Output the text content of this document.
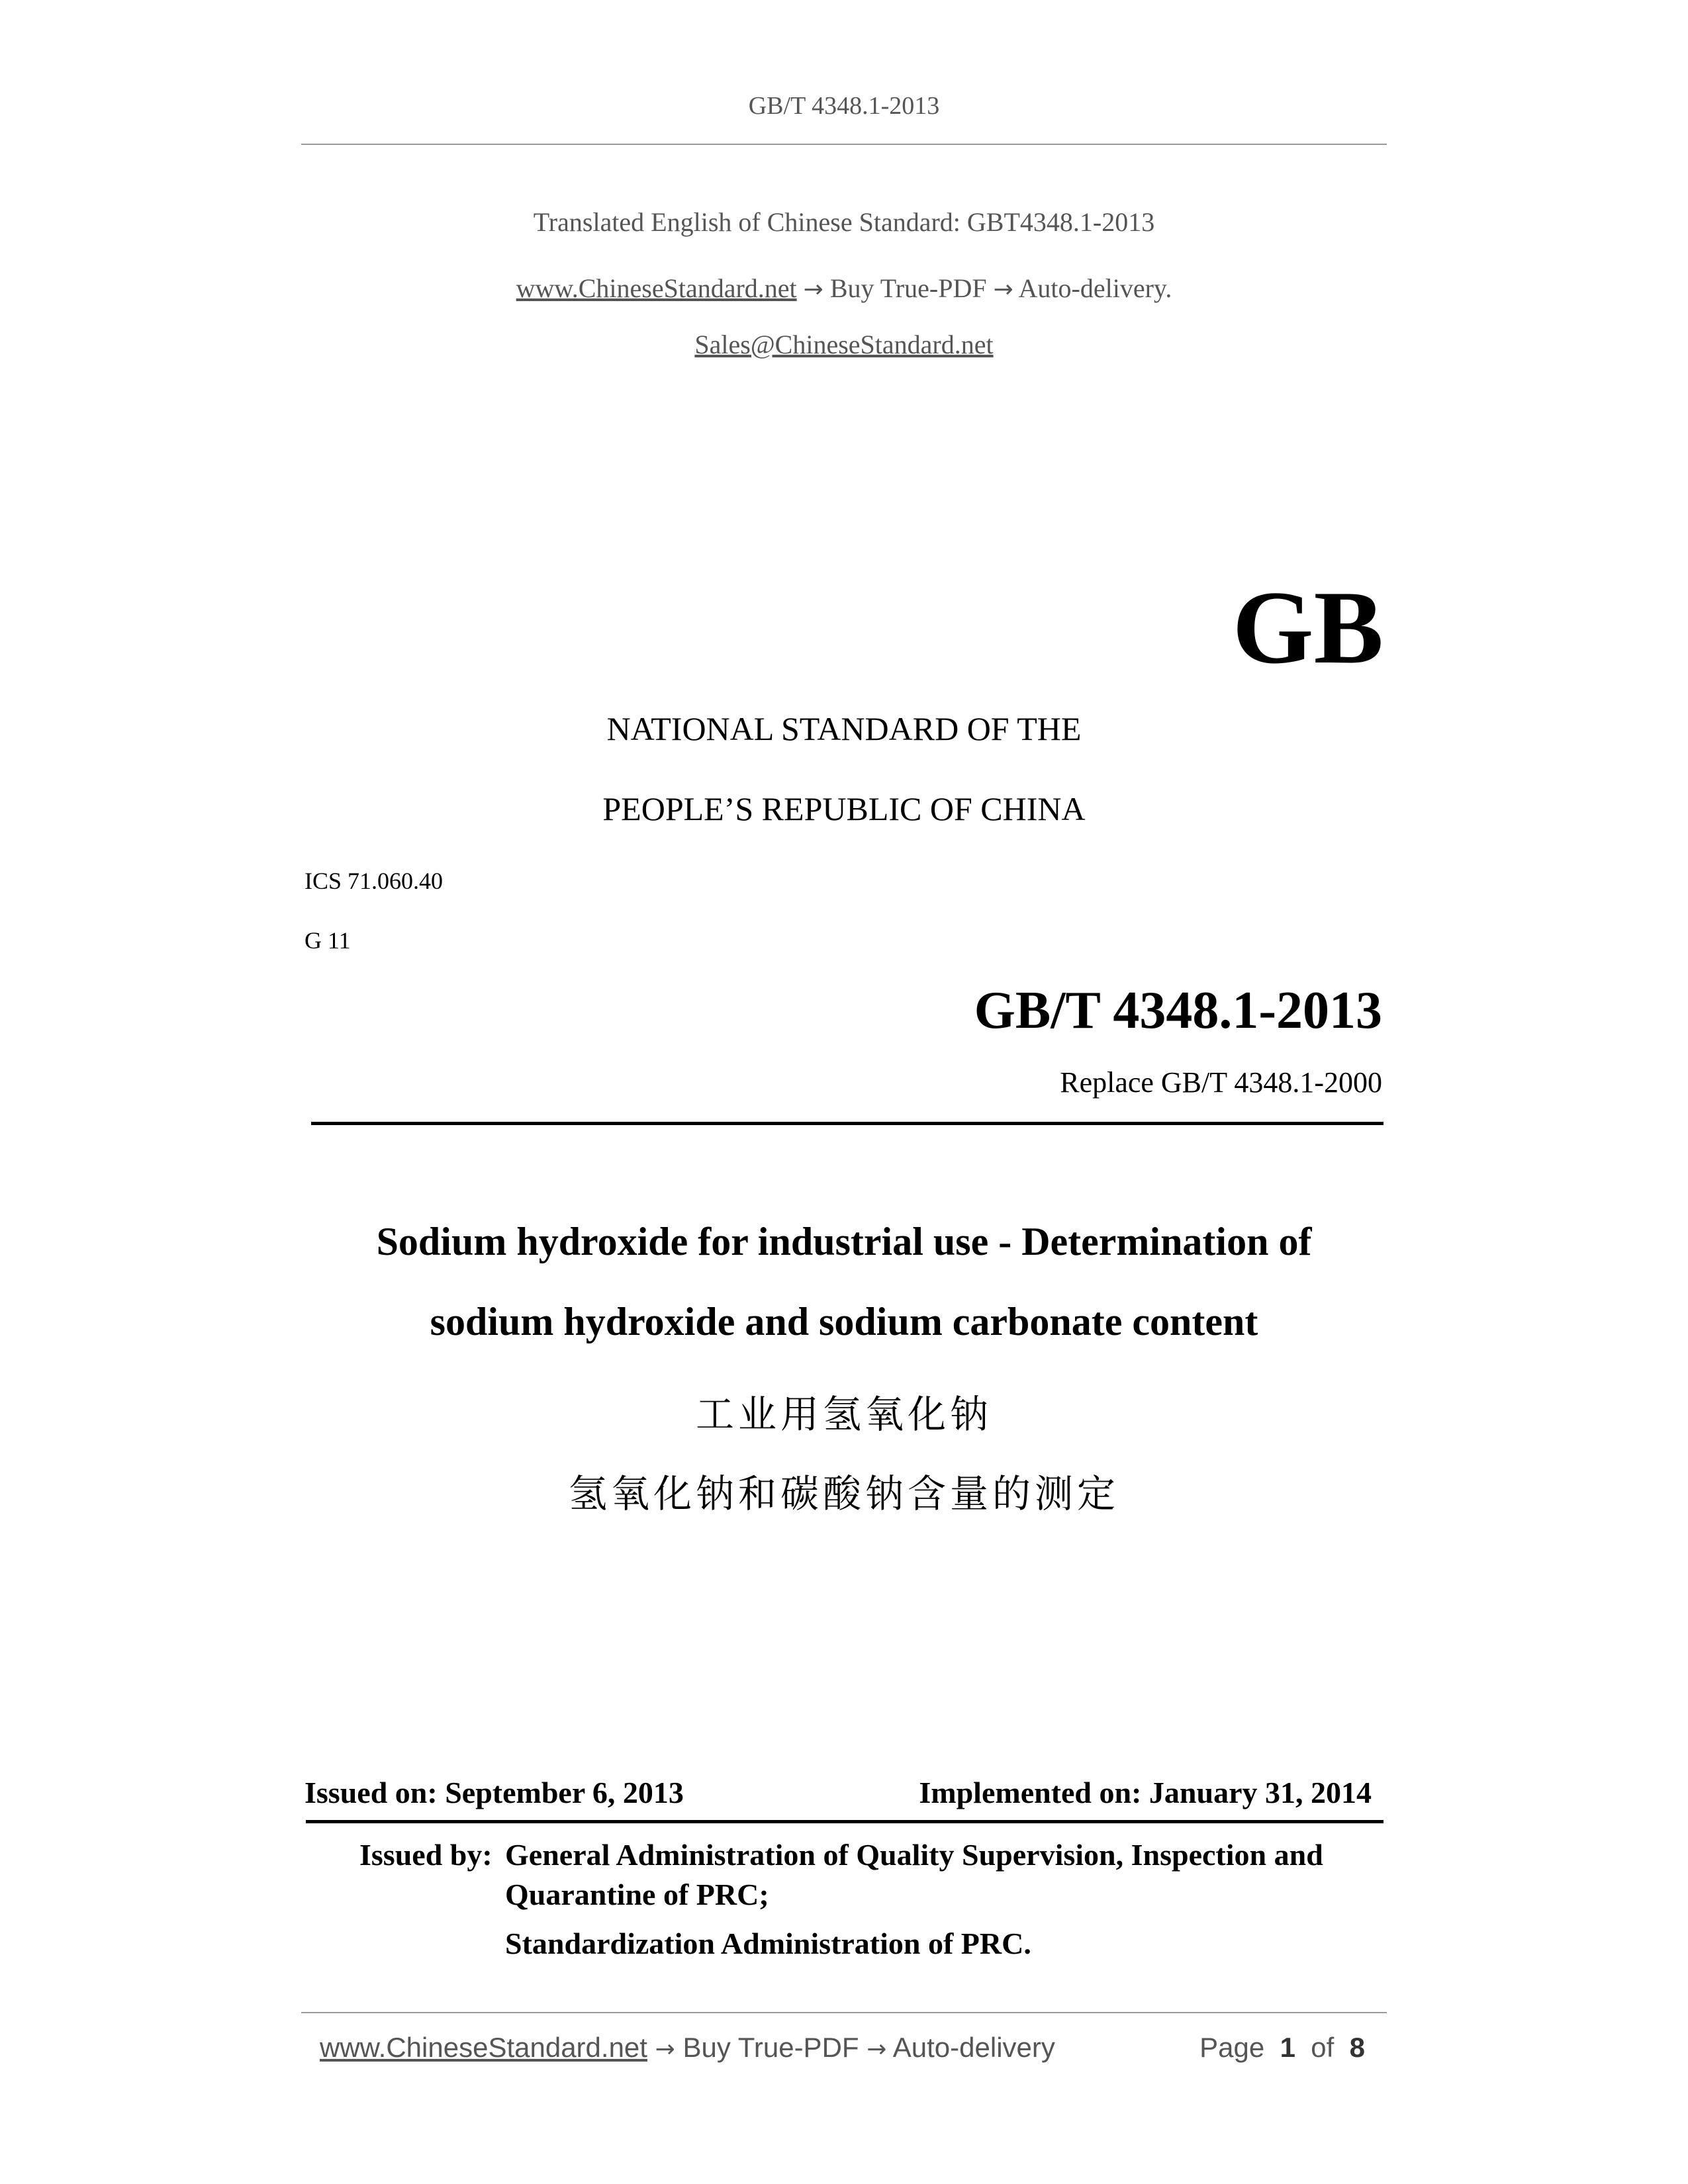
GB/T 4348.1-2013
Translated English of Chinese Standard: GBT4348.1-2013
www.ChineseStandard.net → Buy True-PDF → Auto-delivery.
Sales@ChineseStandard.net
GB
NATIONAL STANDARD OF THE
PEOPLE’S REPUBLIC OF CHINA
ICS 71.060.40
G 11
GB/T 4348.1-2013
Replace GB/T 4348.1-2000
Sodium hydroxide for industrial use - Determination of
sodium hydroxide and sodium carbonate content
工业用氢氧化钠
氢氧化钠和碳酸钠含量的测定
Issued on: September 6, 2013	Implemented on: January 31, 2014
Issued by: General Administration of Quality Supervision, Inspection and
Quarantine of PRC;
Standardization Administration of PRC.
www.ChineseStandard.net → Buy True-PDF → Auto-delivery	Page 1 of 8
